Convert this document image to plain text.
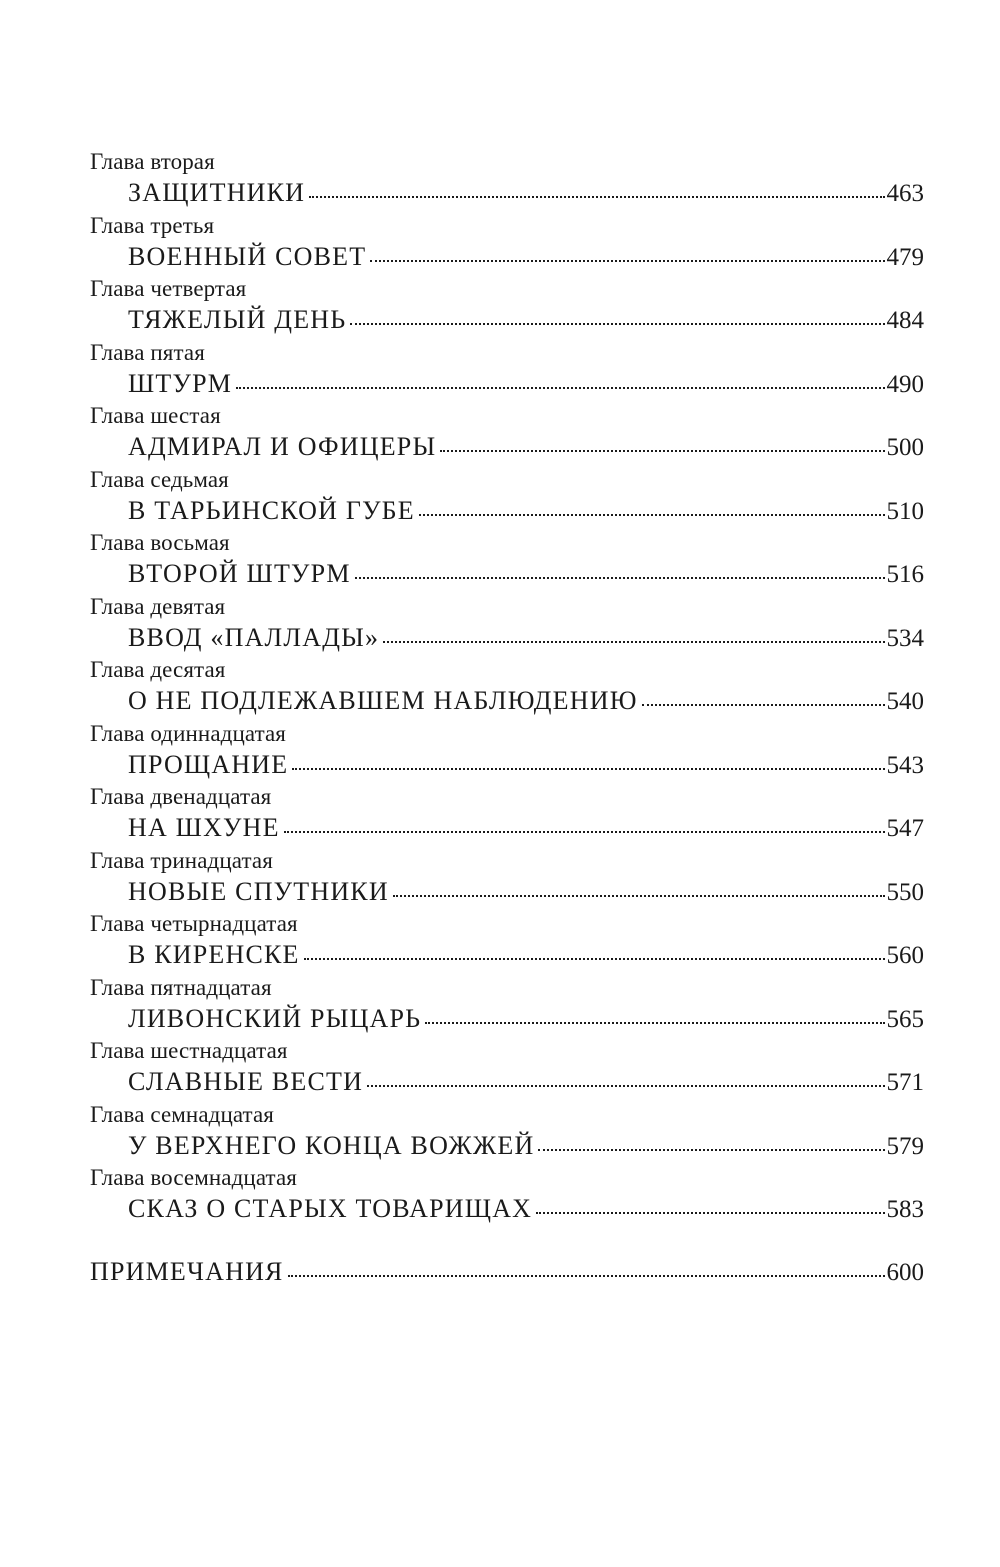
Глава вторая
ЗАЩИТНИКИ	463
Глава третья
ВОЕННЫЙ СОВЕТ	479
Глава четвертая
ТЯЖЕЛЫЙ ДЕНЬ	484
Глава пятая
ШТУРМ	490
Глава шестая
АДМИРАЛ И ОФИЦЕРЫ	500
Глава седьмая
В ТАРЬИНСКОЙ ГУБЕ	510
Глава восьмая
ВТОРОЙ ШТУРМ	516
Глава девятая
ВВОД «ПАЛЛАДЫ»	534
Глава десятая
О НЕ ПОДЛЕЖАВШЕМ НАБЛЮДЕНИЮ	540
Глава одиннадцатая
ПРОЩАНИЕ	543
Глава двенадцатая
НА ШХУНЕ	547
Глава тринадцатая
НОВЫЕ СПУТНИКИ	550
Глава четырнадцатая
В КИРЕНСКЕ	560
Глава пятнадцатая
ЛИВОНСКИЙ РЫЦАРЬ	565
Глава шестнадцатая
СЛАВНЫЕ ВЕСТИ	571
Глава семнадцатая
У ВЕРХНЕГО КОНЦА ВОЖЖЕЙ	579
Глава восемнадцатая
СКАЗ О СТАРЫХ ТОВАРИЩАХ	583
ПРИМЕЧАНИЯ	600
